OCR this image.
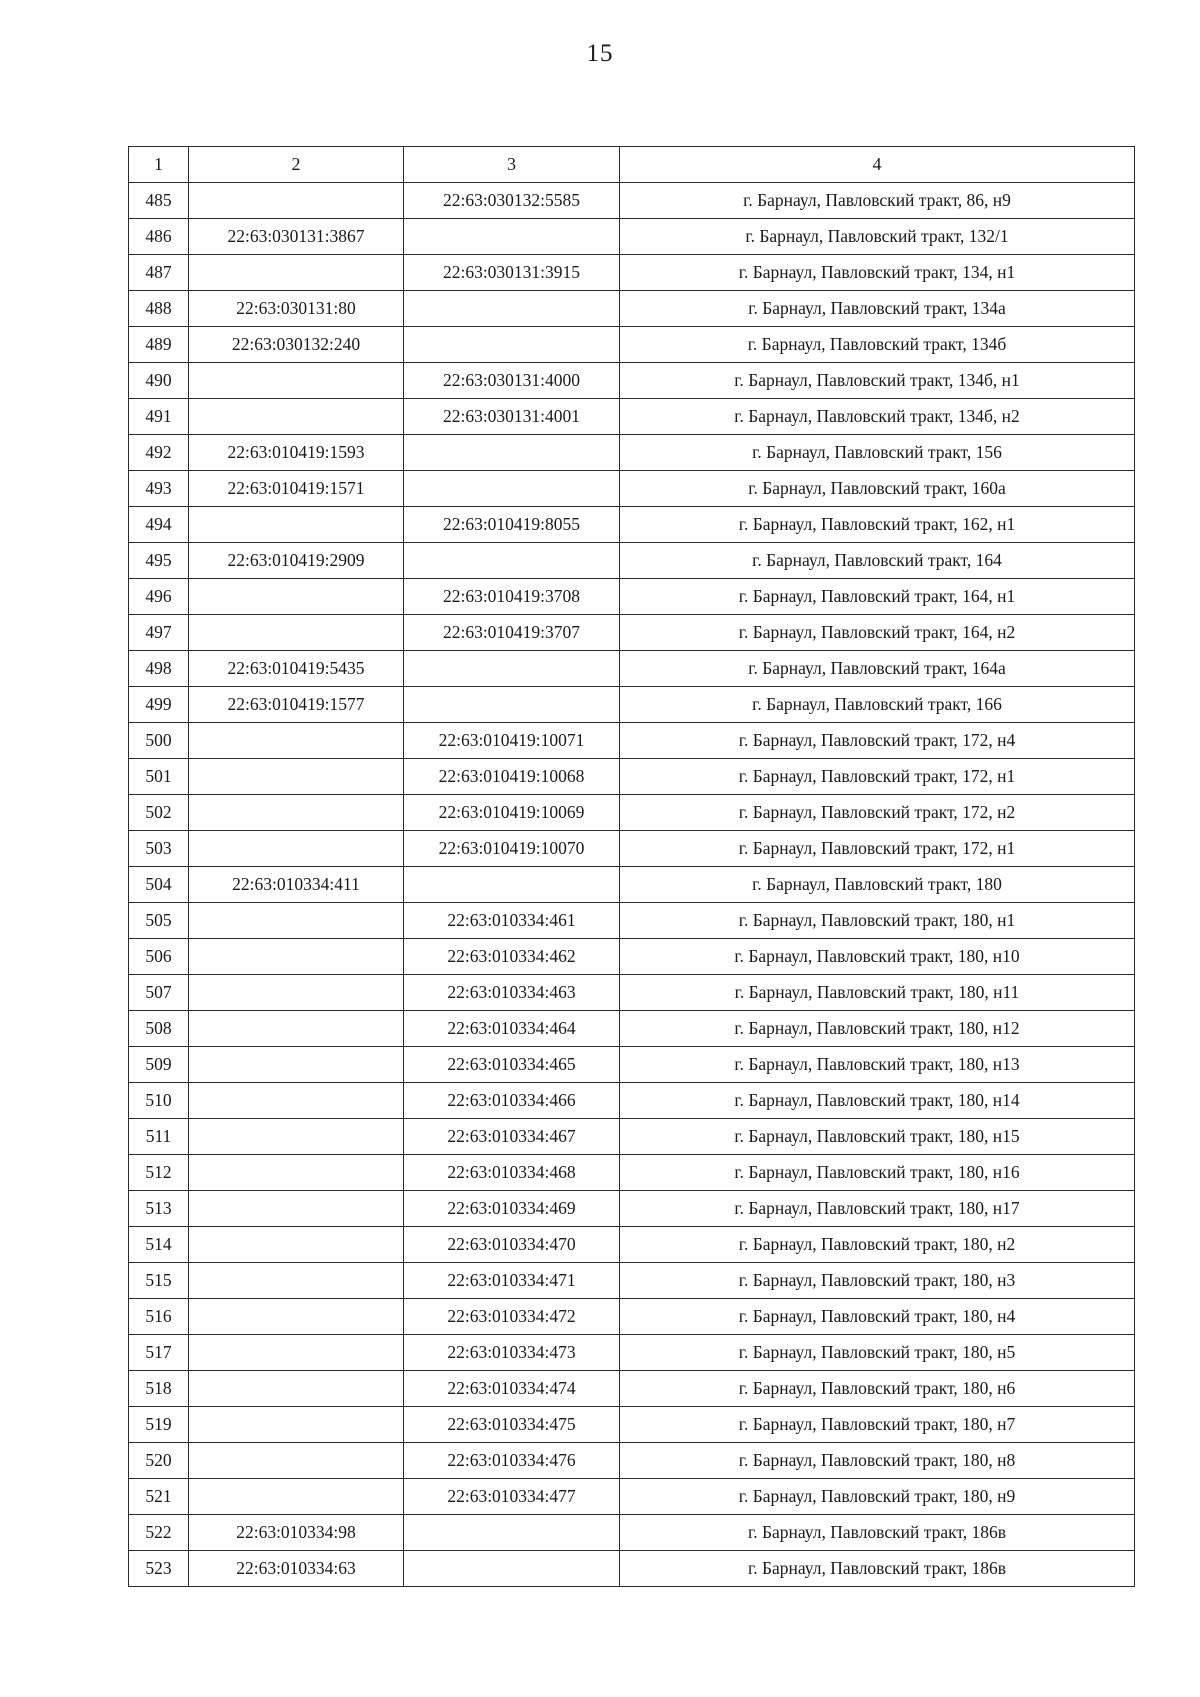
15
1	2	3	4
485		22:63:030132:5585	г. Барнаул, Павловский тракт, 86, н9
486	22:63:030131:3867		г. Барнаул, Павловский тракт, 132/1
487		22:63:030131:3915	г. Барнаул, Павловский тракт, 134, н1
488	22:63:030131:80		г. Барнаул, Павловский тракт, 134а
489	22:63:030132:240		г. Барнаул, Павловский тракт, 134б
490		22:63:030131:4000	г. Барнаул, Павловский тракт, 134б, н1
491		22:63:030131:4001	г. Барнаул, Павловский тракт, 134б, н2
492	22:63:010419:1593		г. Барнаул, Павловский тракт, 156
493	22:63:010419:1571		г. Барнаул, Павловский тракт, 160а
494		22:63:010419:8055	г. Барнаул, Павловский тракт, 162, н1
495	22:63:010419:2909		г. Барнаул, Павловский тракт, 164
496		22:63:010419:3708	г. Барнаул, Павловский тракт, 164, н1
497		22:63:010419:3707	г. Барнаул, Павловский тракт, 164, н2
498	22:63:010419:5435		г. Барнаул, Павловский тракт, 164а
499	22:63:010419:1577		г. Барнаул, Павловский тракт, 166
500		22:63:010419:10071	г. Барнаул, Павловский тракт, 172, н4
501		22:63:010419:10068	г. Барнаул, Павловский тракт, 172, н1
502		22:63:010419:10069	г. Барнаул, Павловский тракт, 172, н2
503		22:63:010419:10070	г. Барнаул, Павловский тракт, 172, н1
504	22:63:010334:411		г. Барнаул, Павловский тракт, 180
505		22:63:010334:461	г. Барнаул, Павловский тракт, 180, н1
506		22:63:010334:462	г. Барнаул, Павловский тракт, 180, н10
507		22:63:010334:463	г. Барнаул, Павловский тракт, 180, н11
508		22:63:010334:464	г. Барнаул, Павловский тракт, 180, н12
509		22:63:010334:465	г. Барнаул, Павловский тракт, 180, н13
510		22:63:010334:466	г. Барнаул, Павловский тракт, 180, н14
511		22:63:010334:467	г. Барнаул, Павловский тракт, 180, н15
512		22:63:010334:468	г. Барнаул, Павловский тракт, 180, н16
513		22:63:010334:469	г. Барнаул, Павловский тракт, 180, н17
514		22:63:010334:470	г. Барнаул, Павловский тракт, 180, н2
515		22:63:010334:471	г. Барнаул, Павловский тракт, 180, н3
516		22:63:010334:472	г. Барнаул, Павловский тракт, 180, н4
517		22:63:010334:473	г. Барнаул, Павловский тракт, 180, н5
518		22:63:010334:474	г. Барнаул, Павловский тракт, 180, н6
519		22:63:010334:475	г. Барнаул, Павловский тракт, 180, н7
520		22:63:010334:476	г. Барнаул, Павловский тракт, 180, н8
521		22:63:010334:477	г. Барнаул, Павловский тракт, 180, н9
522	22:63:010334:98		г. Барнаул, Павловский тракт, 186в
523	22:63:010334:63		г. Барнаул, Павловский тракт, 186в
